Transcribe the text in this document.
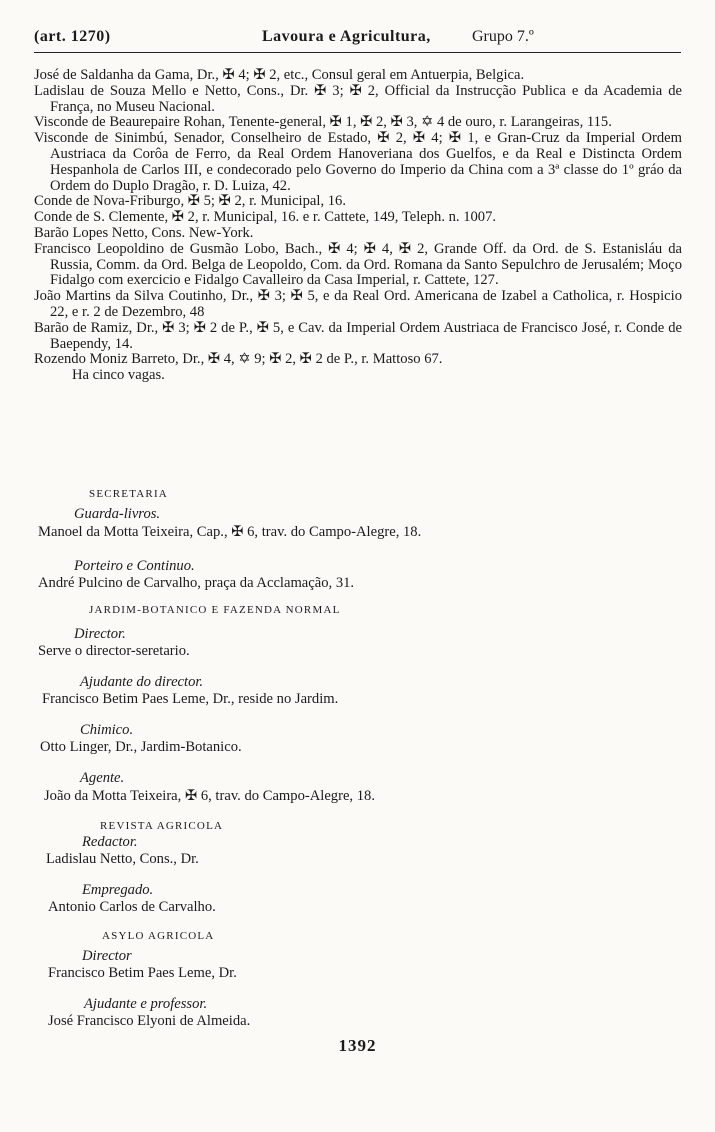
(art. 1270)	Lavoura e Agricultura,	Grupo 7.º
José de Saldanha da Gama, Dr., ✠ 4; ✠ 2, etc., Consul geral em Antuerpia, Belgica.
Ladislau de Souza Mello e Netto, Cons., Dr. ✠ 3; ✠ 2, Official da Instrucção Publica e da Academia de França, no Museu Nacional.
Visconde de Beaurepaire Rohan, Tenente-general, ✠ 1, ✠ 2, ✠ 3, ✡ 4 de ouro, r. Larangeiras, 115.
Visconde de Sinimbú, Senador, Conselheiro de Estado, ✠ 2, ✠ 4; ✠ 1, e Gran-Cruz da Imperial Ordem Austriaca da Corôa de Ferro, da Real Ordem Hanoveriana dos Guelfos, e da Real e Distincta Ordem Hespanhola de Carlos III, e condecorado pelo Governo do Imperio da China com a 3ª classe do 1º gráo da Ordem do Duplo Dragão, r. D. Luiza, 42.
Conde de Nova-Friburgo, ✠ 5; ✠ 2, r. Municipal, 16.
Conde de S. Clemente, ✠ 2, r. Municipal, 16. e r. Cattete, 149, Teleph. n. 1007.
Barão Lopes Netto, Cons. New-York.
Francisco Leopoldino de Gusmão Lobo, Bach., ✠ 4; ✠ 4, ✠ 2, Grande Off. da Ord. de S. Estanisláu da Russia, Comm. da Ord. Belga de Leopoldo, Com. da Ord. Romana da Santo Sepulchro de Jerusalém; Moço Fidalgo com exercicio e Fidalgo Cavalleiro da Casa Imperial, r. Cattete, 127.
João Martins da Silva Coutinho, Dr., ✠ 3; ✠ 5, e da Real Ord. Americana de Izabel a Catholica, r. Hospicio 22, e r. 2 de Dezembro, 48
Barão de Ramiz, Dr., ✠ 3; ✠ 2 de P., ✠ 5, e Cav. da Imperial Ordem Austriaca de Francisco José, r. Conde de Baependy, 14.
Rozendo Moniz Barreto, Dr., ✠ 4, ✡ 9; ✠ 2, ✠ 2 de P., r. Mattoso 67.
Ha cinco vagas.
SECRETARIA
Guarda-livros.
Manoel da Motta Teixeira, Cap., ✠ 6, trav. do Campo-Alegre, 18.
Porteiro e Continuo.
André Pulcino de Carvalho, praça da Acclamação, 31.
JARDIM-BOTANICO E FAZENDA NORMAL
Director.
Serve o director-seretario.
Ajudante do director.
Francisco Betim Paes Leme, Dr., reside no Jardim.
Chimico.
Otto Linger, Dr., Jardim-Botanico.
Agente.
João da Motta Teixeira, ✠ 6, trav. do Campo-Alegre, 18.
REVISTA AGRICOLA
Redactor.
Ladislau Netto, Cons., Dr.
Empregado.
Antonio Carlos de Carvalho.
ASYLO AGRICOLA
Director
Francisco Betim Paes Leme, Dr.
Ajudante e professor.
José Francisco Elyoni de Almeida.
1392
